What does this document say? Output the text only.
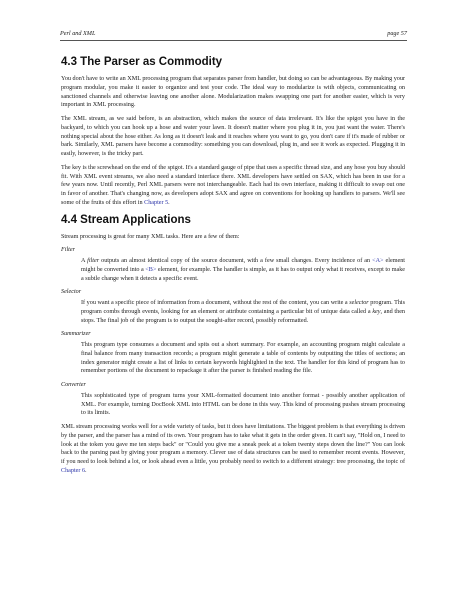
Perl and XML	page 57
4.3 The Parser as Commodity

You don't have to write an XML processing program that separates parser from handler, but doing so can be advantageous. By making your program modular, you make it easier to organize and test your code. The ideal way to modularize is with objects, communicating on sanctioned channels and otherwise leaving one another alone. Modularization makes swapping one part for another easier, which is very important in XML processing.

The XML stream, as we said before, is an abstraction, which makes the source of data irrelevant. It's like the spigot you have in the backyard, to which you can hook up a hose and water your lawn. It doesn't matter where you plug it in, you just want the water. There's nothing special about the hose either. As long as it doesn't leak and it reaches where you want to go, you don't care if it's made of rubber or bark. Similarly, XML parsers have become a commodity: something you can download, plug in, and see it work as expected. Plugging it in easily, however, is the tricky part.

The key is the screwhead on the end of the spigot. It's a standard gauge of pipe that uses a specific thread size, and any hose you buy should fit. With XML event streams, we also need a standard interface there. XML developers have settled on SAX, which has been in use for a few years now. Until recently, Perl XML parsers were not interchangeable. Each had its own interface, making it difficult to swap out one in favor of another. That's changing now, as developers adopt SAX and agree on conventions for hooking up handlers to parsers. We'll see some of the fruits of this effort in Chapter 5.

4.4 Stream Applications

Stream processing is great for many XML tasks. Here are a few of them:

Filter
A filter outputs an almost identical copy of the source document, with a few small changes. Every incidence of an <A> element might be converted into a <B> element, for example. The handler is simple, as it has to output only what it receives, except to make a subtle change when it detects a specific event.
Selector
If you want a specific piece of information from a document, without the rest of the content, you can write a selector program. This program combs through events, looking for an element or attribute containing a particular bit of unique data called a key, and then stops. The final job of the program is to output the sought-after record, possibly reformatted.
Summarizer
This program type consumes a document and spits out a short summary. For example, an accounting program might calculate a final balance from many transaction records; a program might generate a table of contents by outputting the titles of sections; an index generator might create a list of links to certain keywords highlighted in the text. The handler for this kind of program has to remember portions of the document to repackage it after the parser is finished reading the file.
Converter
This sophisticated type of program turns your XML-formatted document into another format - possibly another application of XML. For example, turning DocBook XML into HTML can be done in this way. This kind of processing pushes stream processing to its limits.

XML stream processing works well for a wide variety of tasks, but it does have limitations. The biggest problem is that everything is driven by the parser, and the parser has a mind of its own. Your program has to take what it gets in the order given. It can't say, "Hold on, I need to look at the token you gave me ten steps back" or "Could you give me a sneak peek at a token twenty steps down the line?" You can look back to the parsing past by giving your program a memory. Clever use of data structures can be used to remember recent events. However, if you need to look behind a lot, or look ahead even a little, you probably need to switch to a different strategy: tree processing, the topic of Chapter 6.
